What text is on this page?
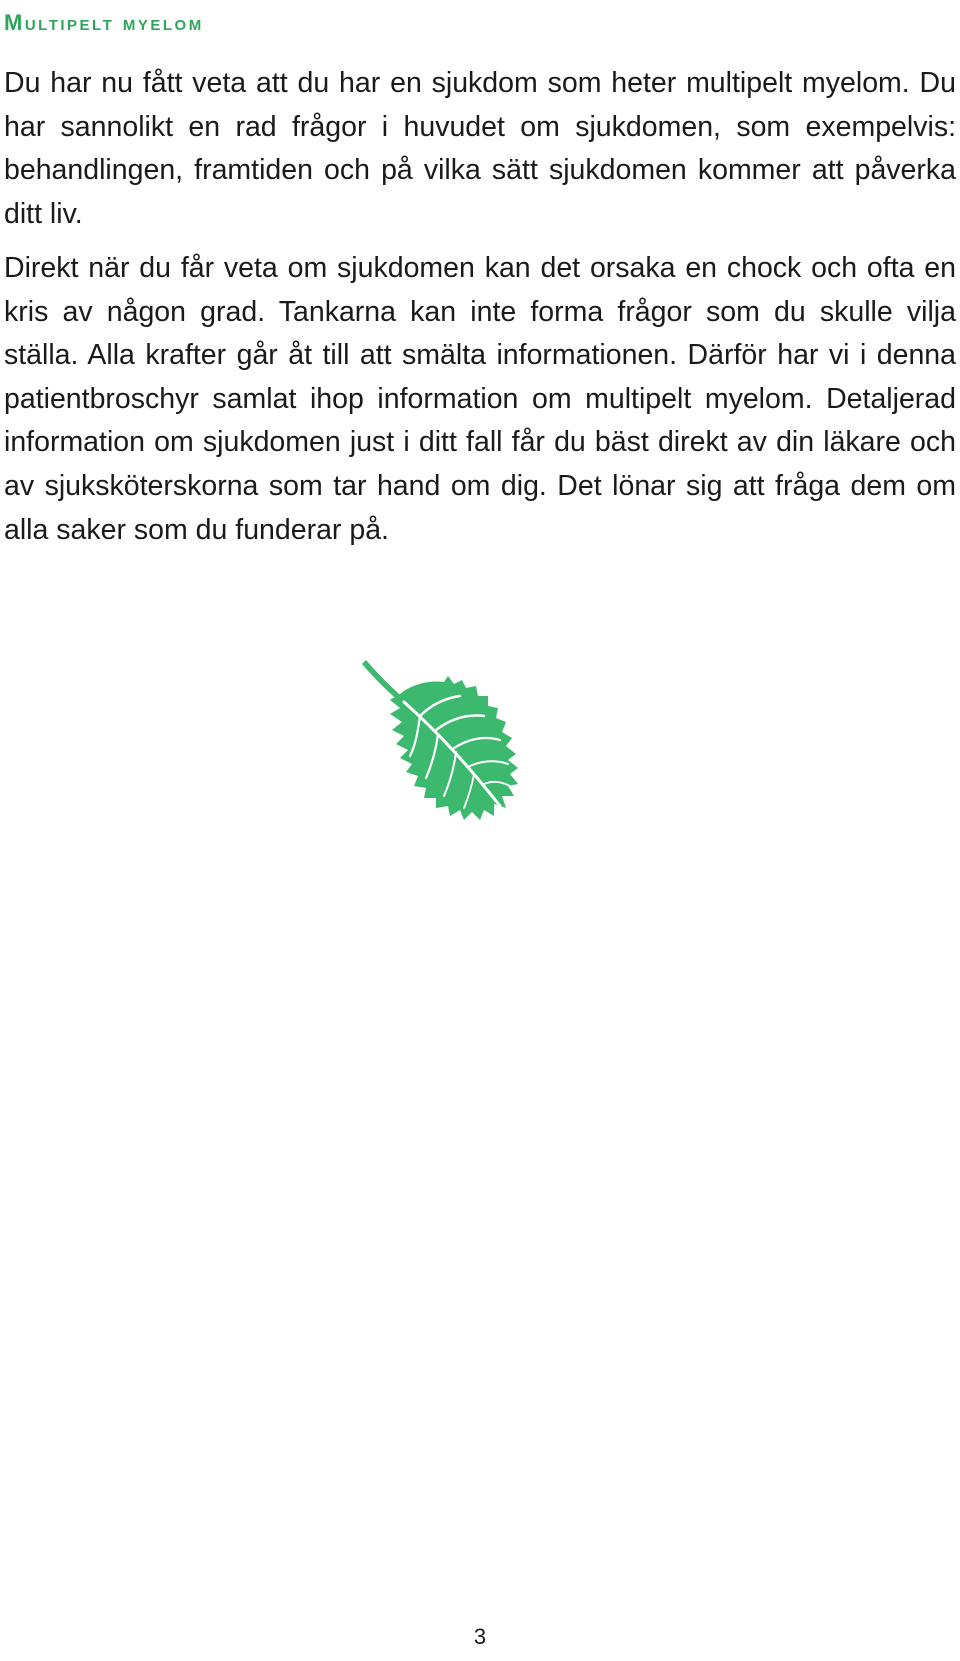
Multipelt myelom

Du har nu fått veta att du har en sjukdom som heter multipelt myelom. Du har sannolikt en rad frågor i huvudet om sjukdomen, som exempelvis: behandlingen, framtiden och på vilka sätt sjukdomen kommer att påverka ditt liv.

Direkt när du får veta om sjukdomen kan det orsaka en chock och ofta en kris av någon grad. Tankarna kan inte forma frågor som du skulle vilja ställa. Alla krafter går åt till att smälta informationen. Därför har vi i denna patientbroschyr samlat ihop information om multipelt myelom. Detaljerad information om sjukdomen just i ditt fall får du bäst direkt av din läkare och av sjuksköterskorna som tar hand om dig. Det lönar sig att fråga dem om alla saker som du funderar på.

3
